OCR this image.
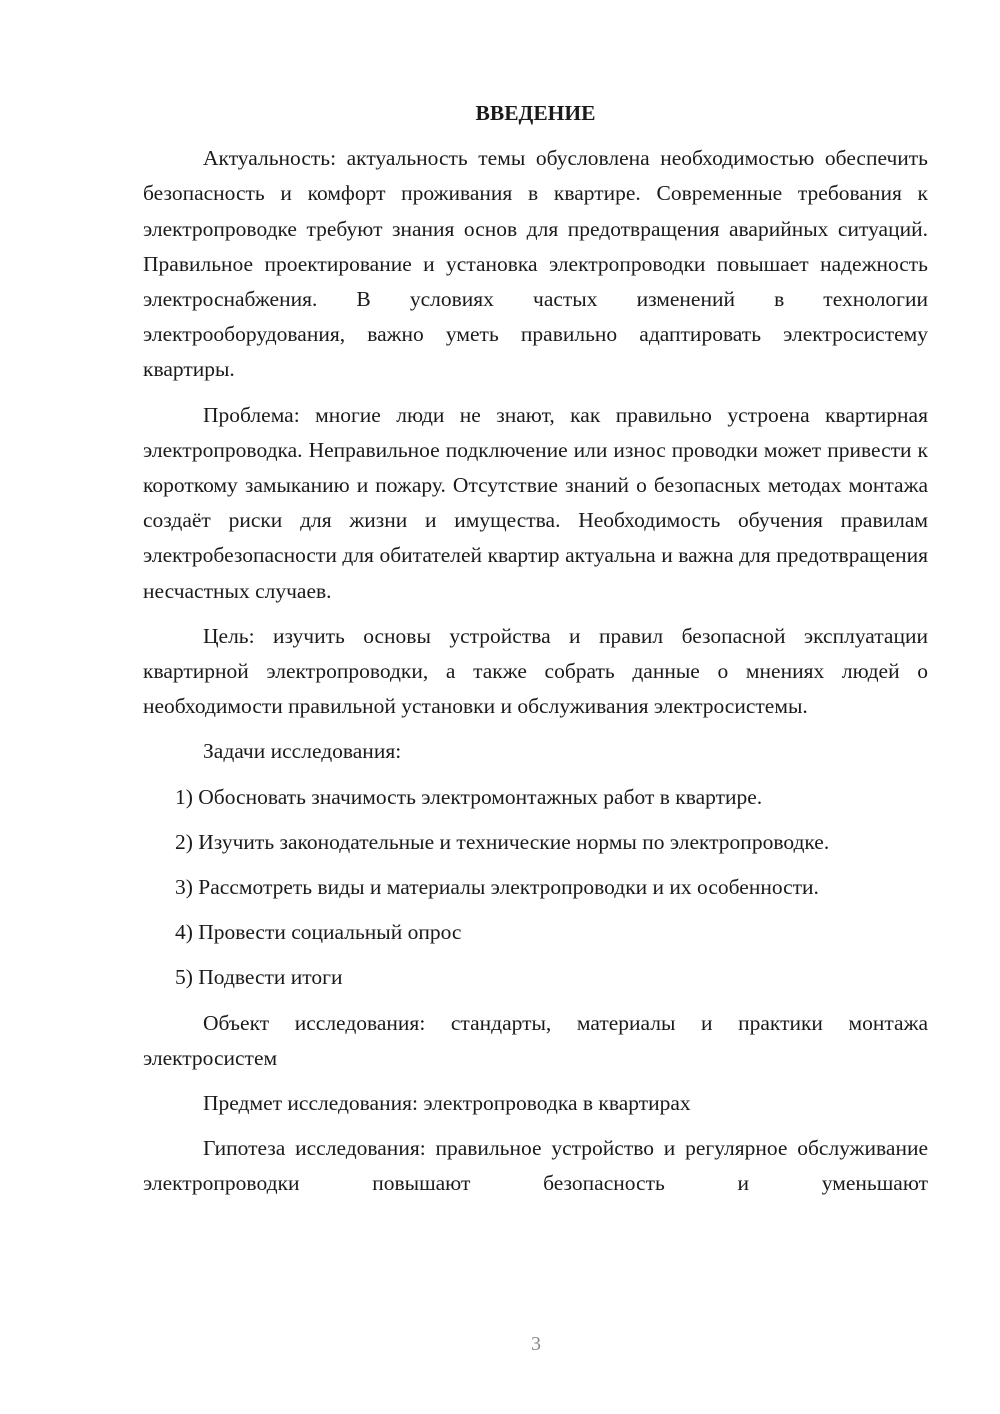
ВВЕДЕНИЕ
Актуальность: актуальность темы обусловлена необходимостью обеспечить безопасность и комфорт проживания в квартире. Современные требования к электропроводке требуют знания основ для предотвращения аварийных ситуаций. Правильное проектирование и установка электропроводки повышает надежность электроснабжения. В условиях частых изменений в технологии электрооборудования, важно уметь правильно адаптировать электросистему квартиры.
Проблема: многие люди не знают, как правильно устроена квартирная электропроводка. Неправильное подключение или износ проводки может привести к короткому замыканию и пожару. Отсутствие знаний о безопасных методах монтажа создаёт риски для жизни и имущества. Необходимость обучения правилам электробезопасности для обитателей квартир актуальна и важна для предотвращения несчастных случаев.
Цель: изучить основы устройства и правил безопасной эксплуатации квартирной электропроводки, а также собрать данные о мнениях людей о необходимости правильной установки и обслуживания электросистемы.
Задачи исследования:
1) Обосновать значимость электромонтажных работ в квартире.
2) Изучить законодательные и технические нормы по электропроводке.
3) Рассмотреть виды и материалы электропроводки и их особенности.
4) Провести социальный опрос
5) Подвести итоги
Объект исследования: стандарты, материалы и практики монтажа электросистем
Предмет исследования: электропроводка в квартирах
Гипотеза исследования: правильное устройство и регулярное обслуживание электропроводки повышают безопасность и уменьшают
3
